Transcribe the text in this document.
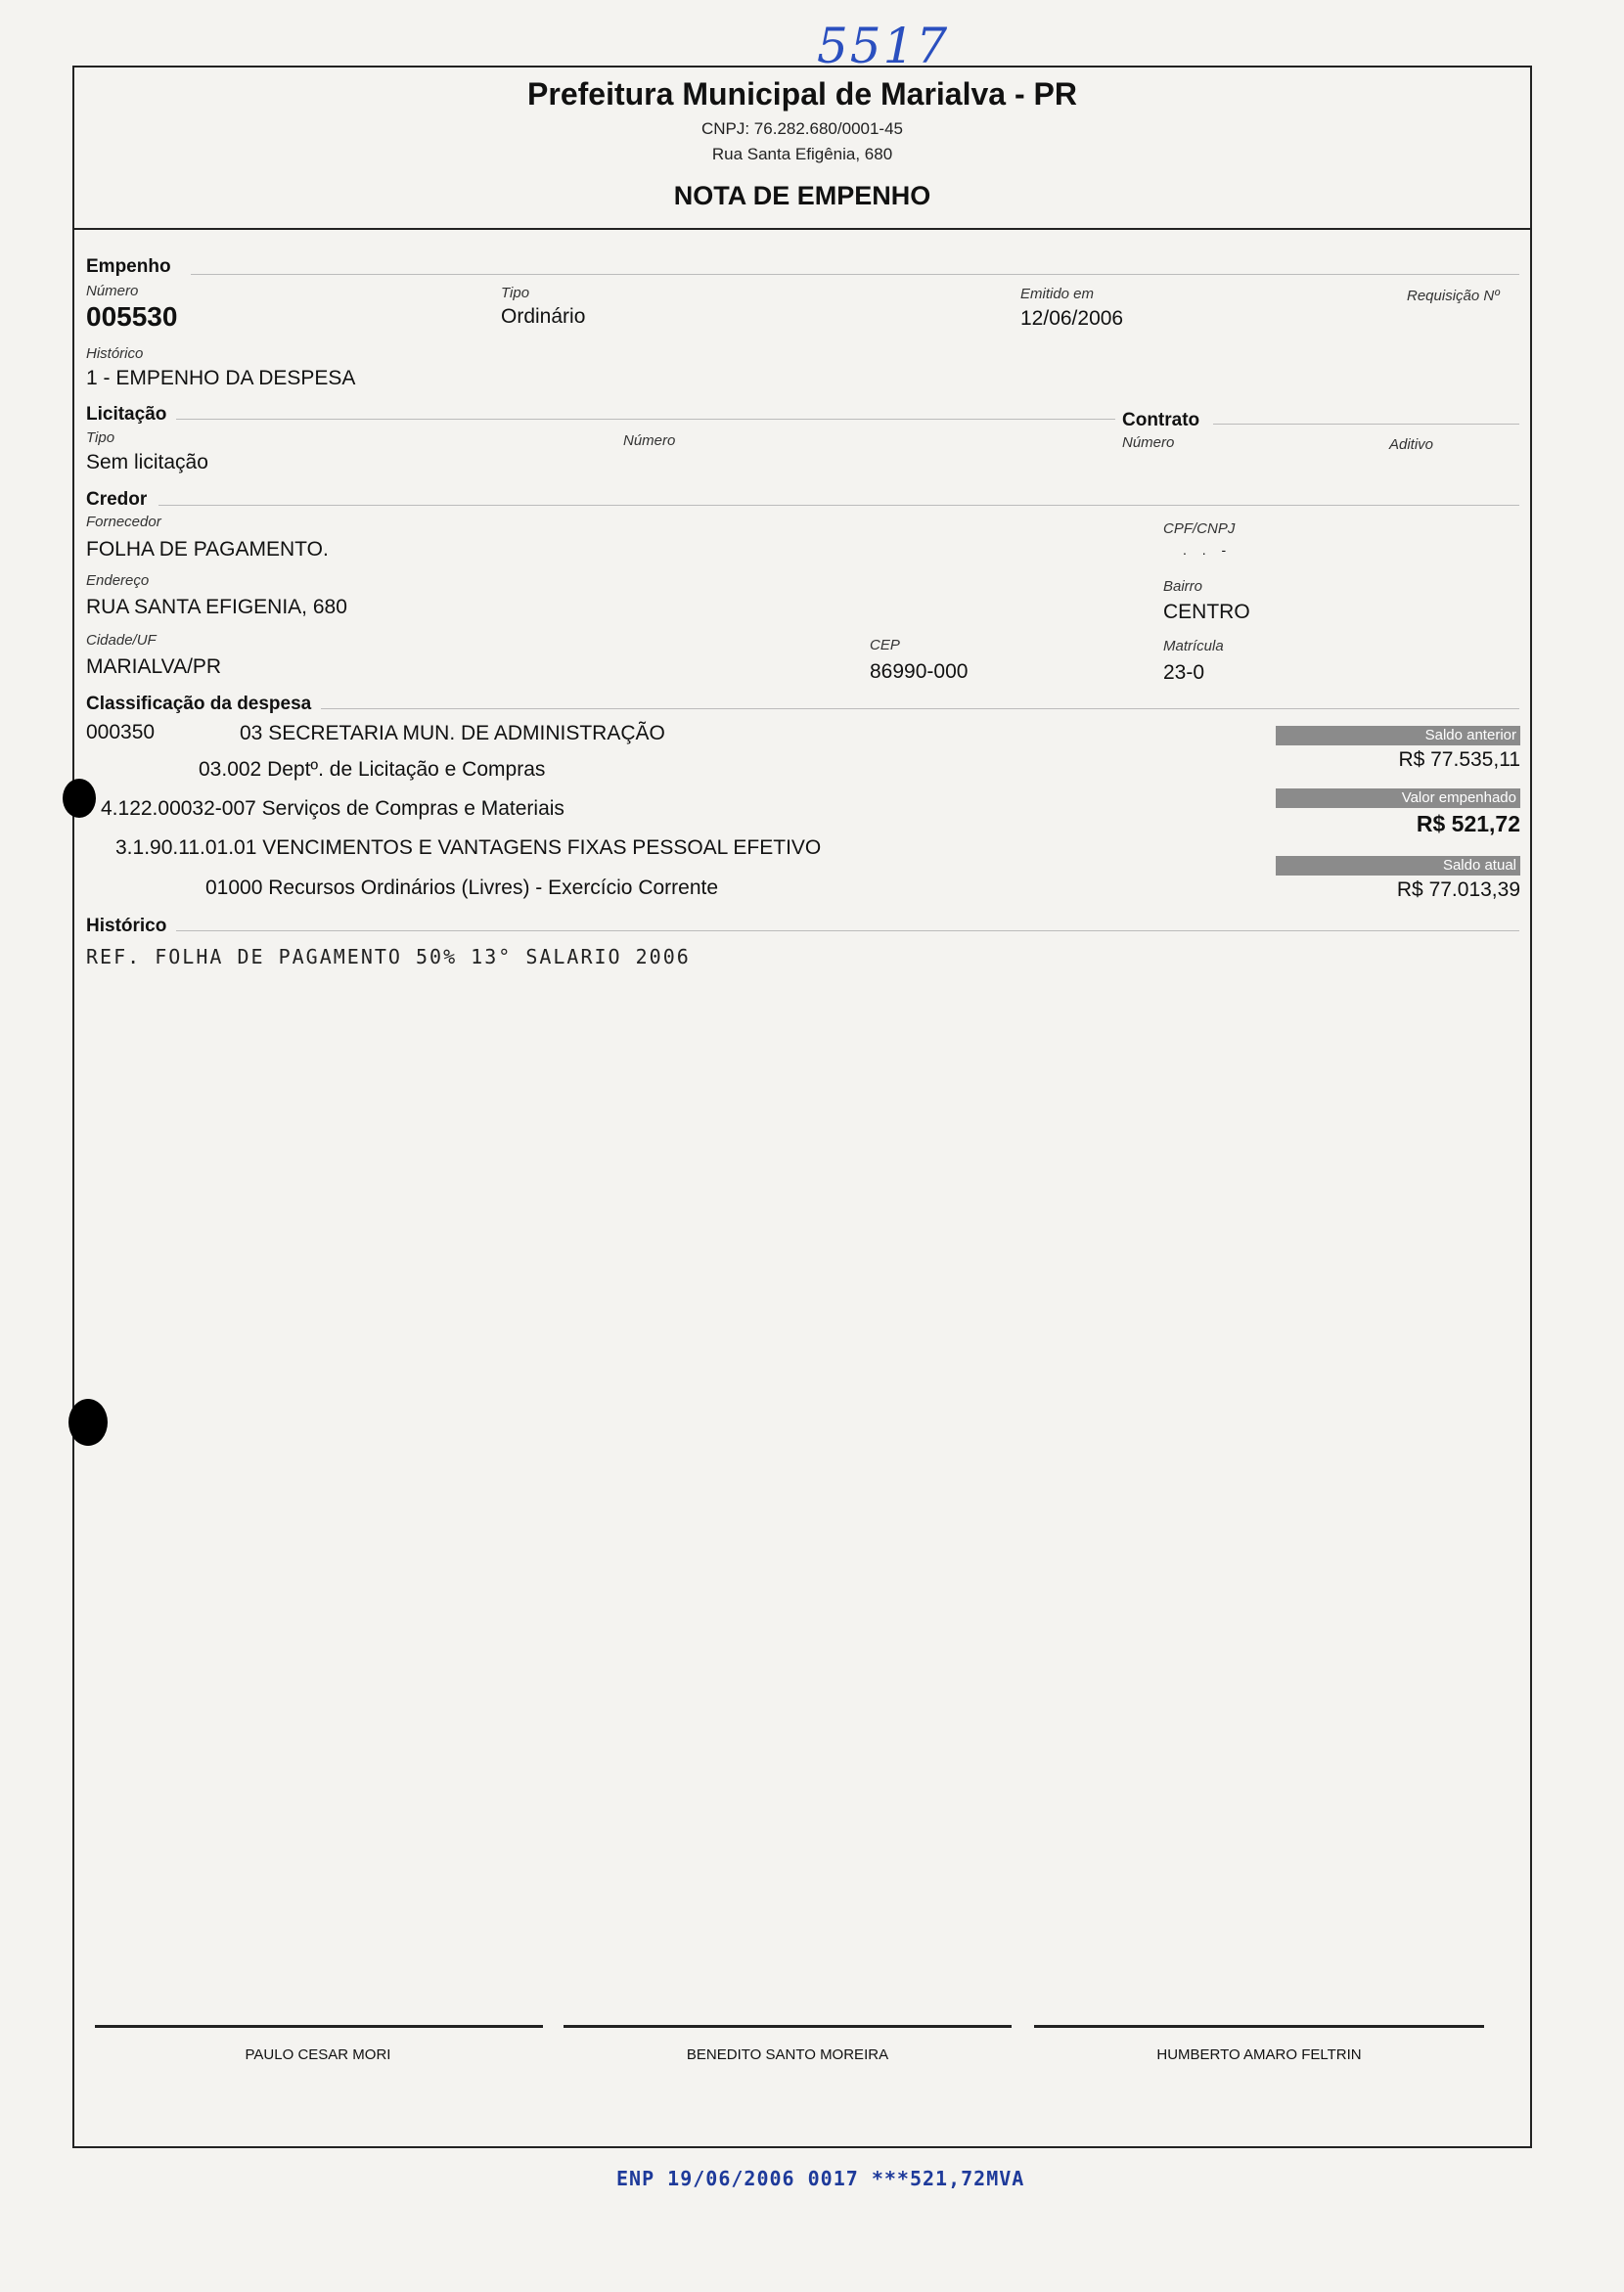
5517
Prefeitura Municipal de Marialva - PR
CNPJ: 76.282.680/0001-45
Rua Santa Efigênia, 680
NOTA DE EMPENHO
Empenho
Número
005530
Tipo
Ordinário
Emitido em
12/06/2006
Requisição Nº
Histórico
1 - EMPENHO DA DESPESA
Licitação
Tipo
Sem licitação
Número
Contrato
Número	Aditivo
Credor
Fornecedor
FOLHA DE PAGAMENTO.
CPF/CNPJ
. . -
Endereço
RUA SANTA EFIGENIA, 680
Bairro
CENTRO
Cidade/UF
MARIALVA/PR
CEP
86990-000
Matrícula
23-0
Classificação da despesa
000350	03 SECRETARIA MUN. DE ADMINISTRAÇÃO
03.002 Deptº. de Licitação e Compras
4.122.00032-007 Serviços de Compras e Materiais
3.1.90.11.01.01 VENCIMENTOS E VANTAGENS FIXAS PESSOAL EFETIVO
01000 Recursos Ordinários (Livres) - Exercício Corrente
Saldo anterior
R$ 77.535,11
Valor empenhado
R$ 521,72
Saldo atual
R$ 77.013,39
Histórico
REF. FOLHA DE PAGAMENTO 50% 13° SALARIO 2006
PAULO CESAR MORI	BENEDITO SANTO MOREIRA	HUMBERTO AMARO FELTRIN
ENP 19/06/2006 0017 ***521,72MVA
